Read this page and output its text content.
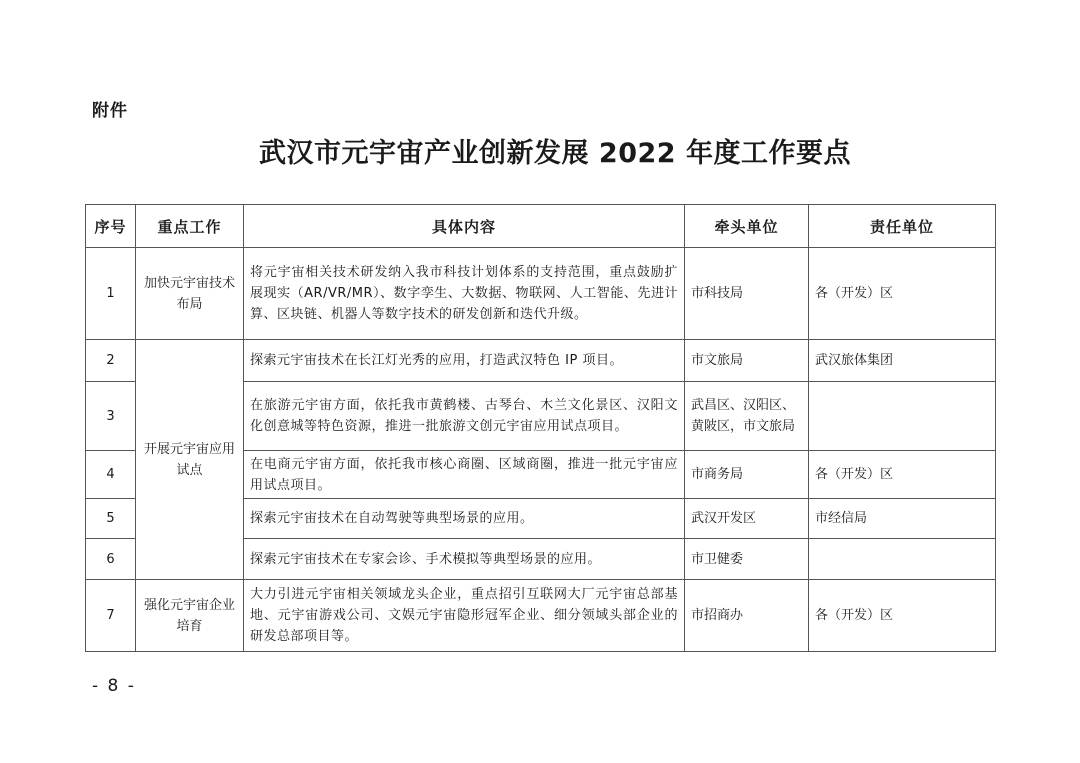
附件
武汉市元宇宙产业创新发展 2022 年度工作要点
序号	重点工作	具体内容	牵头单位	责任单位
1	加快元宇宙技术布局	将元宇宙相关技术研发纳入我市科技计划体系的支持范围，重点鼓励扩展现实（AR/VR/MR）、数字孪生、大数据、物联网、人工智能、先进计算、区块链、机器人等数字技术的研发创新和迭代升级。	市科技局	各（开发）区
2	开展元宇宙应用试点	探索元宇宙技术在长江灯光秀的应用，打造武汉特色 IP 项目。	市文旅局	武汉旅体集团
3		在旅游元宇宙方面，依托我市黄鹤楼、古琴台、木兰文化景区、汉阳文化创意城等特色资源，推进一批旅游文创元宇宙应用试点项目。	武昌区、汉阳区、黄陂区，市文旅局	
4		在电商元宇宙方面，依托我市核心商圈、区域商圈，推进一批元宇宙应用试点项目。	市商务局	各（开发）区
5		探索元宇宙技术在自动驾驶等典型场景的应用。	武汉开发区	市经信局
6		探索元宇宙技术在专家会诊、手术模拟等典型场景的应用。	市卫健委	
7	强化元宇宙企业培育	大力引进元宇宙相关领域龙头企业，重点招引互联网大厂元宇宙总部基地、元宇宙游戏公司、文娱元宇宙隐形冠军企业、细分领域头部企业的研发总部项目等。	市招商办	各（开发）区
- 8 -
